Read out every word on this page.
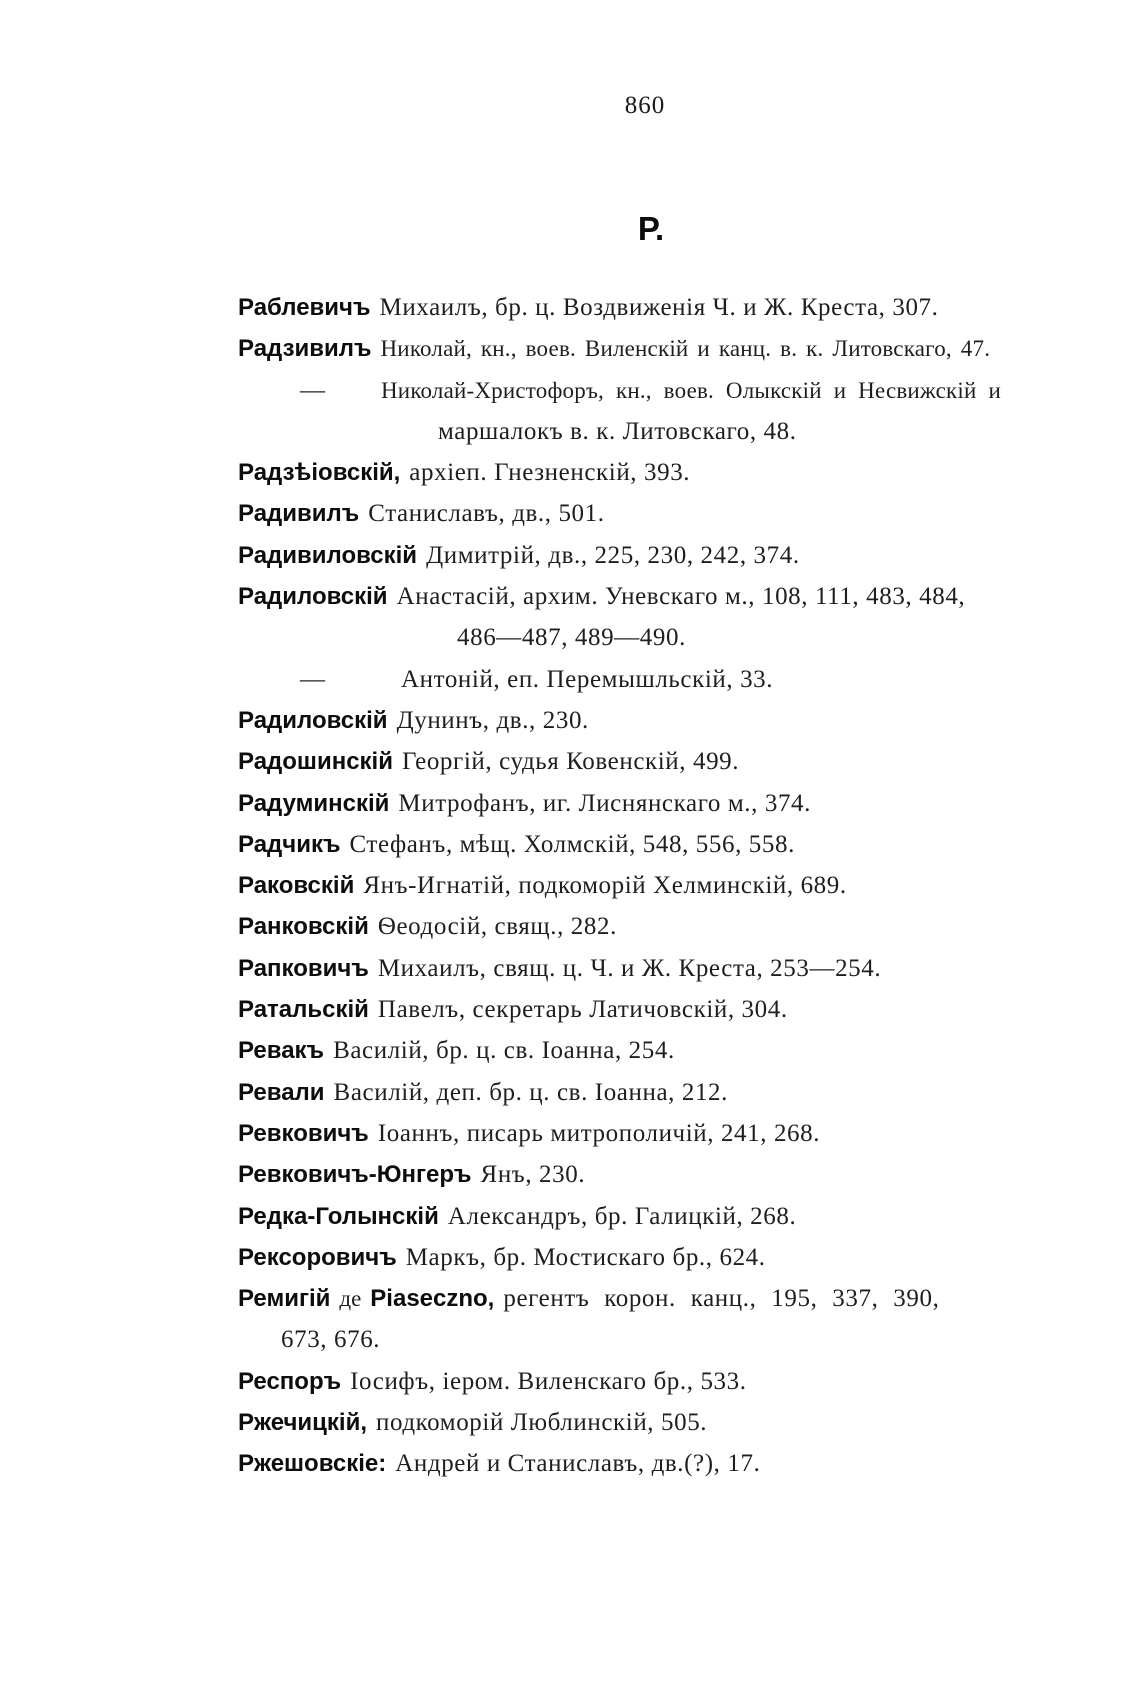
860
Р.
Раблевичъ Михаилъ, бр. ц. Воздвиженія Ч. и Ж. Креста, 307.
Радзивилъ Николай, кн., воев. Виленскій и канц. в. к. Литовскаго, 47.
— Николай-Христофоръ, кн., воев. Олыкскій и Несвижскій и
маршалокъ в. к. Литовскаго, 48.
Радзѣіовскій, архіеп. Гнезненскій, 393.
Радивилъ Станиславъ, дв., 501.
Радивиловскій Димитрій, дв., 225, 230, 242, 374.
Радиловскій Анастасій, архим. Уневскаго м., 108, 111, 483, 484,
486—487, 489—490.
—	Антоній, еп. Перемышльскій, 33.
Радиловскій Дунинъ, дв., 230.
Радошинскій Георгій, судья Ковенскій, 499.
Радуминскій Митрофанъ, иг. Лиснянскаго м., 374.
Радчикъ Стефанъ, мѣщ. Холмскій, 548, 556, 558.
Раковскій Янъ-Игнатій, подкоморій Хелминскій, 689.
Ранковскій Ѳеодосій, свящ., 282.
Рапковичъ Михаилъ, свящ. ц. Ч. и Ж. Креста, 253—254.
Ратальскій Павелъ, секретарь Латичовскій, 304.
Ревакъ Василій, бр. ц. св. Іоанна, 254.
Ревали Василій, деп. бр. ц. св. Іоанна, 212.
Ревковичъ Іоаннъ, писарь митрополичій, 241, 268.
Ревковичъ-Юнгеръ Янъ, 230.
Редка-Голынскій Александръ, бр. Галицкій, 268.
Рексоровичъ Маркъ, бр. Мостискаго бр., 624.
Ремигій де Piaseczno, регентъ корон. канц., 195, 337, 390,
673, 676.
Респоръ Іосифъ, іером. Виленскаго бр., 533.
Ржечицкій, подкоморій Люблинскій, 505.
Ржешовскіе: Андрей и Станиславъ, дв.(?), 17.
